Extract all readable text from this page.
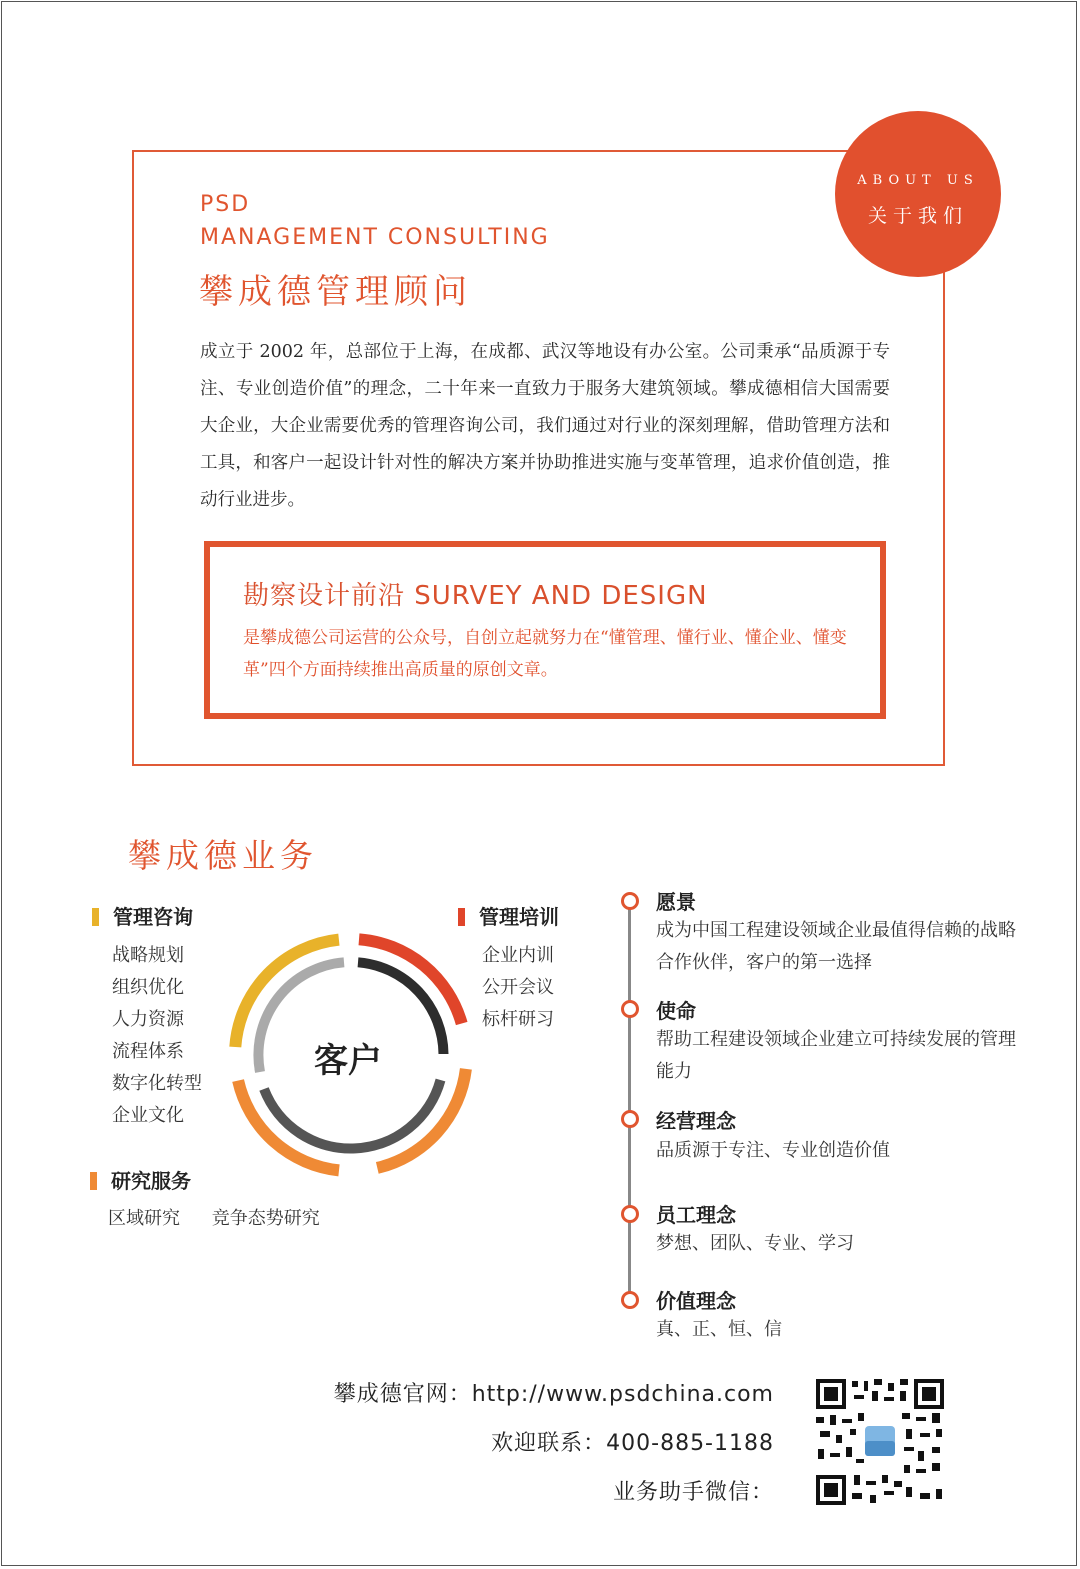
ABOUT US
关于我们
PSD
MANAGEMENT CONSULTING
攀成德管理顾问
成立于 2002 年，总部位于上海，在成都、武汉等地设有办公室。公司秉承“品质源于专注、专业创造价值”的理念，二十年来一直致力于服务大建筑领域。攀成德相信大国需要大企业，大企业需要优秀的管理咨询公司，我们通过对行业的深刻理解，借助管理方法和工具，和客户一起设计针对性的解决方案并协助推进实施与变革管理，追求价值创造，推动行业进步。
勘察设计前沿 SURVEY AND DESIGN
是攀成德公司运营的公众号，自创立起就努力在“懂管理、懂行业、懂企业、懂变革”四个方面持续推出高质量的原创文章。
攀成德业务
管理咨询
战略规划
组织优化
人力资源
流程体系
数字化转型
企业文化
管理培训
企业内训
公开会议
标杆研习
研究服务
区域研究 竞争态势研究
客户
愿景
成为中国工程建设领域企业最值得信赖的战略合作伙伴，客户的第一选择
使命
帮助工程建设领域企业建立可持续发展的管理能力
经营理念
品质源于专注、专业创造价值
员工理念
梦想、团队、专业、学习
价值理念
真、正、恒、信
攀成德官网：http://www.psdchina.com
欢迎联系：400-885-1188
业务助手微信：
